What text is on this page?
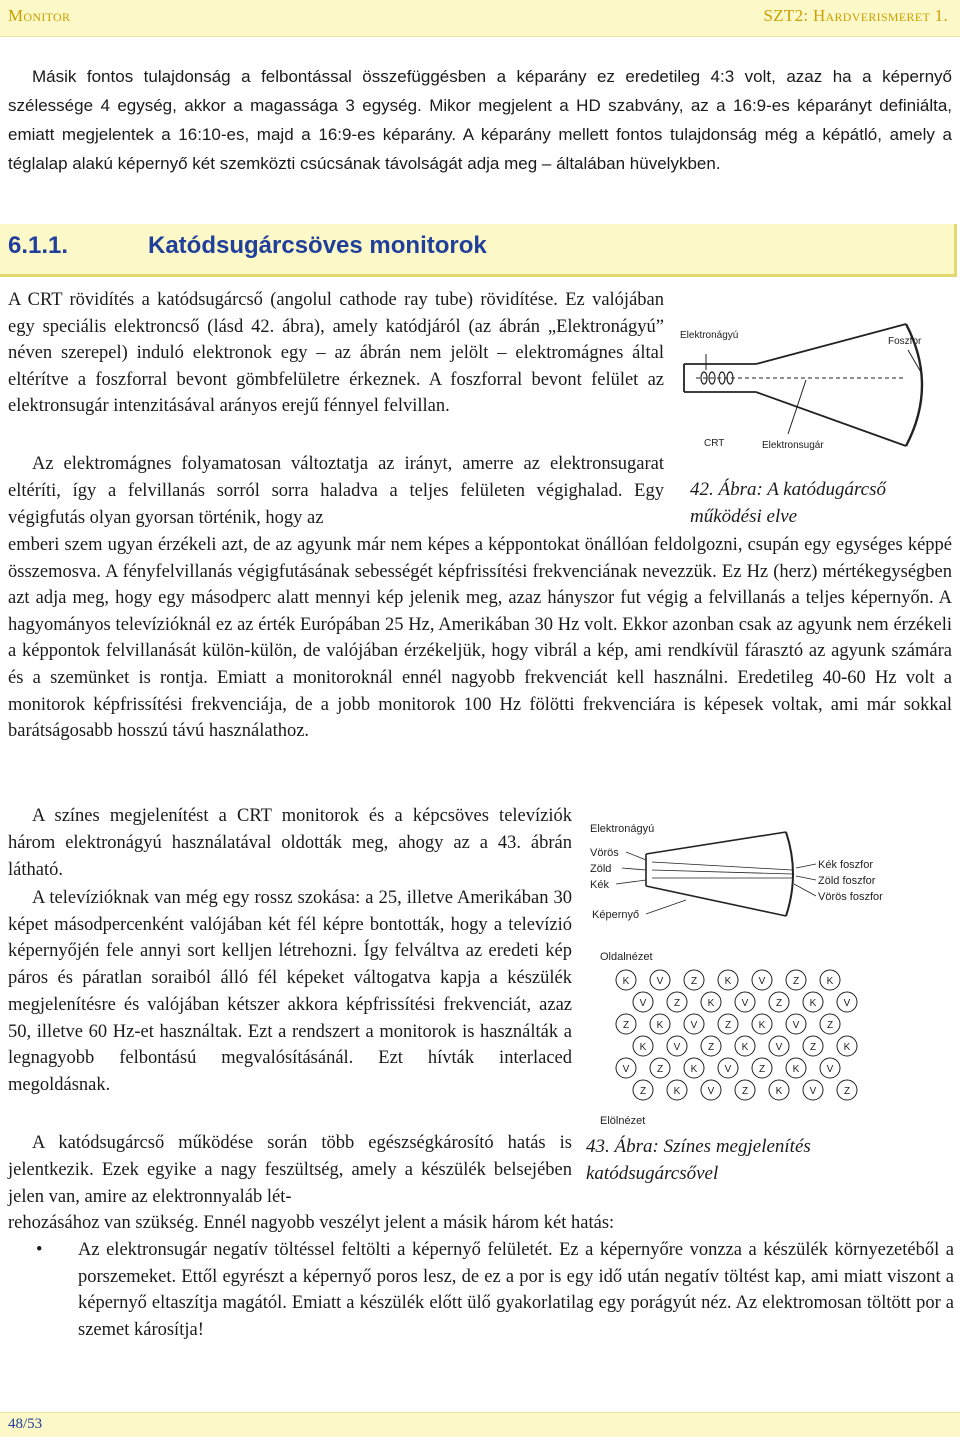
Monitor	SZT2: Hardverismeret 1.

Másik fontos tulajdonság a felbontással összefüggésben a képarány ez eredetileg 4:3 volt, azaz ha a képernyő szélessége 4 egység, akkor a magassága 3 egység. Mikor megjelent a HD szabvány, az a 16:9-es képarányt definiálta, emiatt megjelentek a 16:10-es, majd a 16:9-es képarány. A képarány mellett fontos tulajdonság még a képátló, amely a téglalap alakú képernyő két szemközti csúcsának távolságát adja meg – általában hüvelykben.

6.1.1.	Katódsugárcsöves monitorok

A CRT rövidítés a katódsugárcső (angolul cathode ray tube) rövidítése. Ez valójában egy speciális elektroncső (lásd 42. ábra), amely katódjáról (az ábrán „Elektronágyú” néven szerepel) induló elektronok egy – az ábrán nem jelölt – elektromágnes által eltérítve a foszforral bevont gömbfelületre érkeznek. A foszforral bevont felület az elektronsugár intenzitásával arányos erejű fénnyel felvillan.

Elektronágyú
Foszfor
CRT	Elektronsugár

Az elektromágnes folyamatosan változtatja az irányt, amerre az elektronsugarat eltéríti, így a felvillanás sorról sorra haladva a teljes felületen végighalad. Egy végigfutás olyan gyorsan történik, hogy az

42. Ábra: A katódugárcső
működési elve

emberi szem ugyan érzékeli azt, de az agyunk már nem képes a képpontokat önállóan feldolgozni, csupán egy egységes képpé összemosva. A fényfelvillanás végigfutásának sebességét képfrissítési frekvenciának nevezzük. Ez Hz (herz) mértékegységben azt adja meg, hogy egy másodperc alatt mennyi kép jelenik meg, azaz hányszor fut végig a felvillanás a teljes képernyőn. A hagyományos televízióknál ez az érték Európában 25 Hz, Amerikában 30 Hz volt. Ekkor azonban csak az agyunk nem érzékeli a képpontok felvillanását külön-külön, de valójában érzékeljük, hogy vibrál a kép, ami rendkívül fárasztó az agyunk számára és a szemünket is rontja. Emiatt a monitoroknál ennél nagyobb frekvenciát kell használni. Eredetileg 40-60 Hz volt a monitorok képfrissítési frekvenciája, de a jobb monitorok 100 Hz fölötti frekvenciára is képesek voltak, ami már sokkal barátságosabb hosszú távú használathoz.

A színes megjelenítést a CRT monitorok és a képcsöves televíziók három elektronágyú használatával oldották meg, ahogy az a 43. ábrán látható.

A televízióknak van még egy rossz szokása: a 25, illetve Amerikában 30 képet másodpercenként valójában két fél képre bontották, hogy a televízió képernyőjén fele annyi sort kelljen létrehozni. Így felváltva az eredeti kép páros és páratlan soraiból álló fél képeket váltogatva kapja a készülék megjelenítésre és valójában kétszer akkora képfrissítési frekvenciát, azaz 50, illetve 60 Hz-et használtak. Ezt a rendszert a monitorok is használták a legnagyobb felbontású megvalósításánál. Ezt hívták interlaced megoldásnak.

Elektronágyú
Vörös
Zöld
Kék
Kék foszfor
Zöld foszfor
Vörös foszfor
Képernyő
Oldalnézet
K	V	Z	K	V	Z	K
V	Z	K	V	Z	K	V
Z	K	V	Z	K	V	Z
K	V	Z	K	V	Z	K
V	Z	K	V	Z	K	V
Z	K	V	Z	K	V	Z
Elölnézet
43. Ábra: Színes megjelenítés
katódsugárcsővel

A katódsugárcső működése során több egészségkárosító hatás is jelentkezik. Ezek egyike a nagy feszültség, amely a készülék belsejében jelen van, amire az elektronnyaláb lét-

rehozásához van szükség. Ennél nagyobb veszélyt jelent a másik három két hatás:

• Az elektronsugár negatív töltéssel feltölti a képernyő felületét. Ez a képernyőre vonzza a készülék környezetéből a porszemeket. Ettől egyrészt a képernyő poros lesz, de ez a por is egy idő után negatív töltést kap, ami miatt viszont a képernyő eltaszítja magától. Emiatt a készülék előtt ülő gyakorlatilag egy porágyút néz. Az elektromosan töltött por a szemet károsítja!
48/53
